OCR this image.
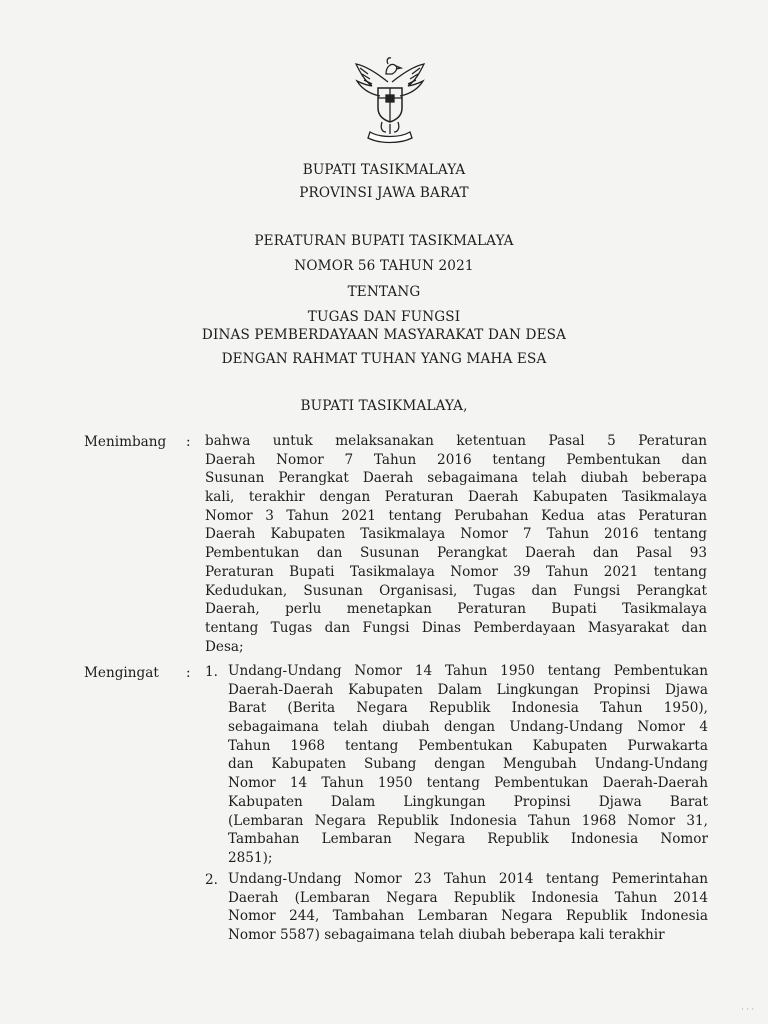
BUPATI TASIKMALAYA
PROVINSI JAWA BARAT
PERATURAN BUPATI TASIKMALAYA
NOMOR 56 TAHUN 2021
TENTANG
TUGAS DAN FUNGSI
DINAS PEMBERDAYAAN MASYARAKAT DAN DESA
DENGAN RAHMAT TUHAN YANG MAHA ESA
BUPATI TASIKMALAYA,
Menimbang : bahwa untuk melaksanakan ketentuan Pasal 5 Peraturan
Daerah Nomor 7 Tahun 2016 tentang Pembentukan dan
Susunan Perangkat Daerah sebagaimana telah diubah beberapa
kali, terakhir dengan Peraturan Daerah Kabupaten Tasikmalaya
Nomor 3 Tahun 2021 tentang Perubahan Kedua atas Peraturan
Daerah Kabupaten Tasikmalaya Nomor 7 Tahun 2016 tentang
Pembentukan dan Susunan Perangkat Daerah dan Pasal 93
Peraturan Bupati Tasikmalaya Nomor 39 Tahun 2021 tentang
Kedudukan, Susunan Organisasi, Tugas dan Fungsi Perangkat
Daerah, perlu menetapkan Peraturan Bupati Tasikmalaya
tentang Tugas dan Fungsi Dinas Pemberdayaan Masyarakat dan
Desa;
Mengingat : 1. Undang-Undang Nomor 14 Tahun 1950 tentang Pembentukan
Daerah-Daerah Kabupaten Dalam Lingkungan Propinsi Djawa
Barat (Berita Negara Republik Indonesia Tahun 1950),
sebagaimana telah diubah dengan Undang-Undang Nomor 4
Tahun 1968 tentang Pembentukan Kabupaten Purwakarta
dan Kabupaten Subang dengan Mengubah Undang-Undang
Nomor 14 Tahun 1950 tentang Pembentukan Daerah-Daerah
Kabupaten Dalam Lingkungan Propinsi Djawa Barat
(Lembaran Negara Republik Indonesia Tahun 1968 Nomor 31,
Tambahan Lembaran Negara Republik Indonesia Nomor
2851);
2. Undang-Undang Nomor 23 Tahun 2014 tentang Pemerintahan
Daerah (Lembaran Negara Republik Indonesia Tahun 2014
Nomor 244, Tambahan Lembaran Negara Republik Indonesia
Nomor 5587) sebagaimana telah diubah beberapa kali terakhir
· · ·
